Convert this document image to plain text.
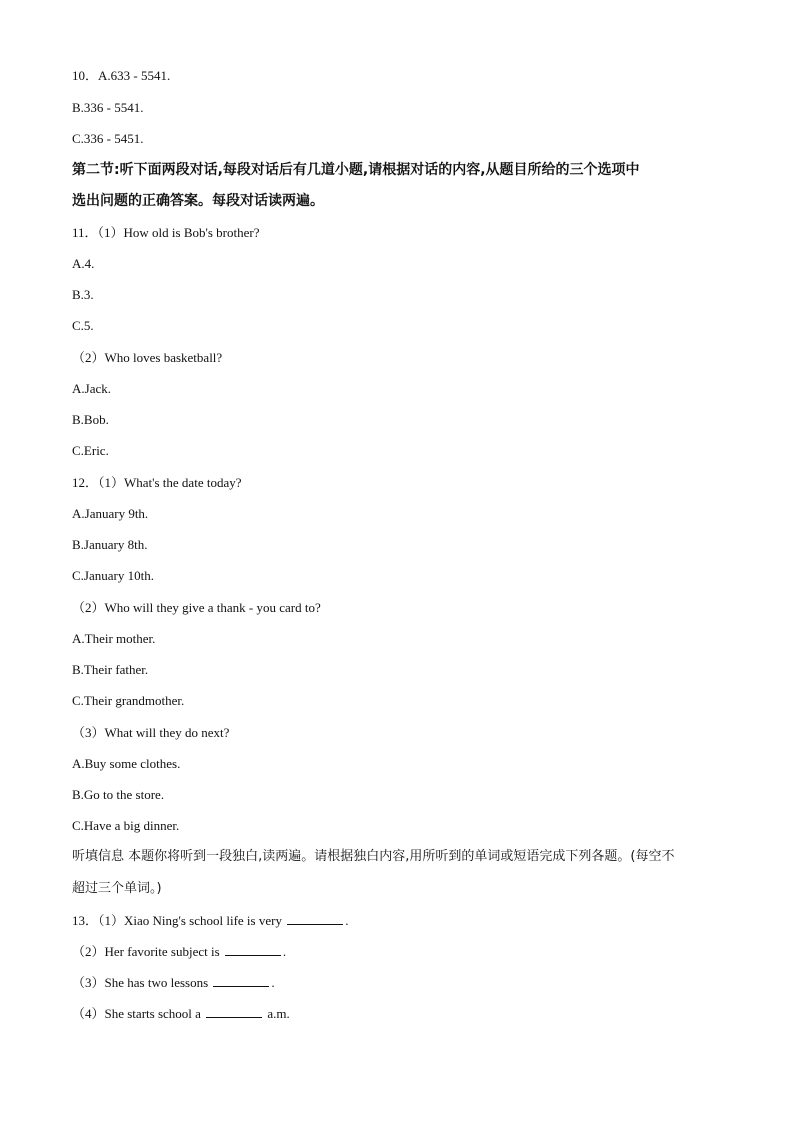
10．A.633 - 5541.
B.336 - 5541.
C.336 - 5451.
第二节:听下面两段对话,每段对话后有几道小题,请根据对话的内容,从题目所给的三个选项中
选出问题的正确答案。每段对话读两遍。
11．（1）How old is Bob's brother?
A.4.
B.3.
C.5.
（2）Who loves basketball?
A.Jack.
B.Bob.
C.Eric.
12．（1）What's the date today?
A.January 9th.
B.January 8th.
C.January 10th.
（2）Who will they give a thank - you card to?
A.Their mother.
B.Their father.
C.Their grandmother.
（3）What will they do next?
A.Buy some clothes.
B.Go to the store.
C.Have a big dinner.
听填信息 本题你将听到一段独白,读两遍。请根据独白内容,用所听到的单词或短语完成下列各题。(每空不
超过三个单词。)
13．（1）Xiao Ning's school life is very	.
（2）Her favorite subject is	.
（3）She has two lessons	.
（4）She starts school a	a.m.
